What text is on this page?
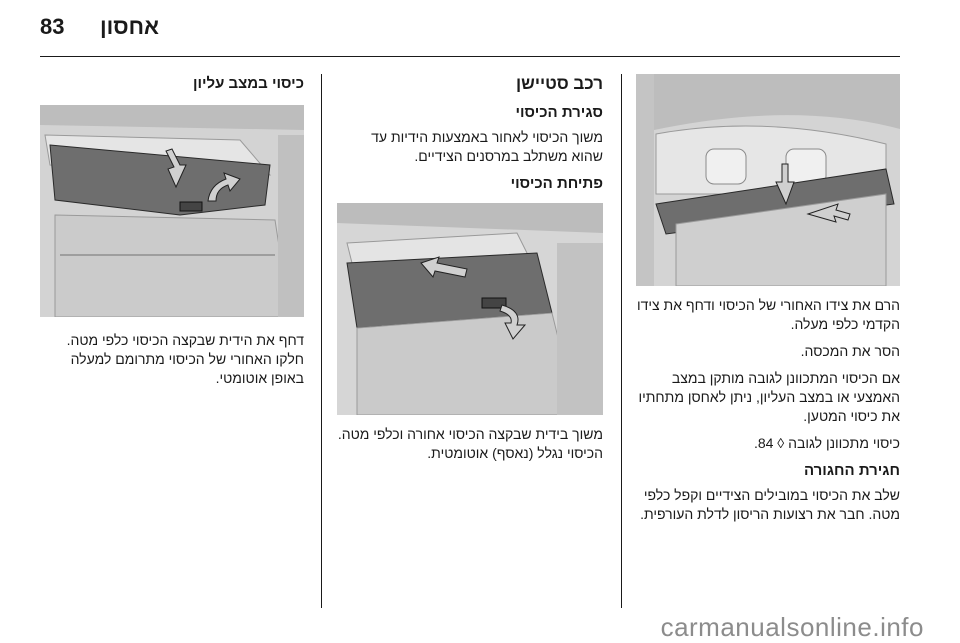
83 אחסון

הרם את צידו האחורי של הכיסוי ודחף את צידו הקדמי כלפי מעלה.

הסר את המכסה.

אם הכיסוי המתכוונן לגובה מותקן במצב האמצעי או במצב העליון, ניתן לאחסן מתחתיו את כיסוי המטען.

כיסוי מתכוונן לגובה ◊ 84.

חגירת החגורה

שלב את הכיסוי במובילים הצידיים וקפל כלפי מטה. חבר את רצועות הריסון לדלת העורפית.

רכב סטיישן
סגירת הכיסוי

משוך הכיסוי לאחור באמצעות הידיות עד שהוא משתלב במרסנים הצידיים.

פתיחת הכיסוי

משוך בידית שבקצה הכיסוי אחורה וכלפי מטה. הכיסוי נגלל (נאסף) אוטומטית.

כיסוי במצב עליון

דחף את הידית שבקצה הכיסוי כלפי מטה. חלקו האחורי של הכיסוי מתרומם למעלה באופן אוטומטי.

carmanualsonline.info
